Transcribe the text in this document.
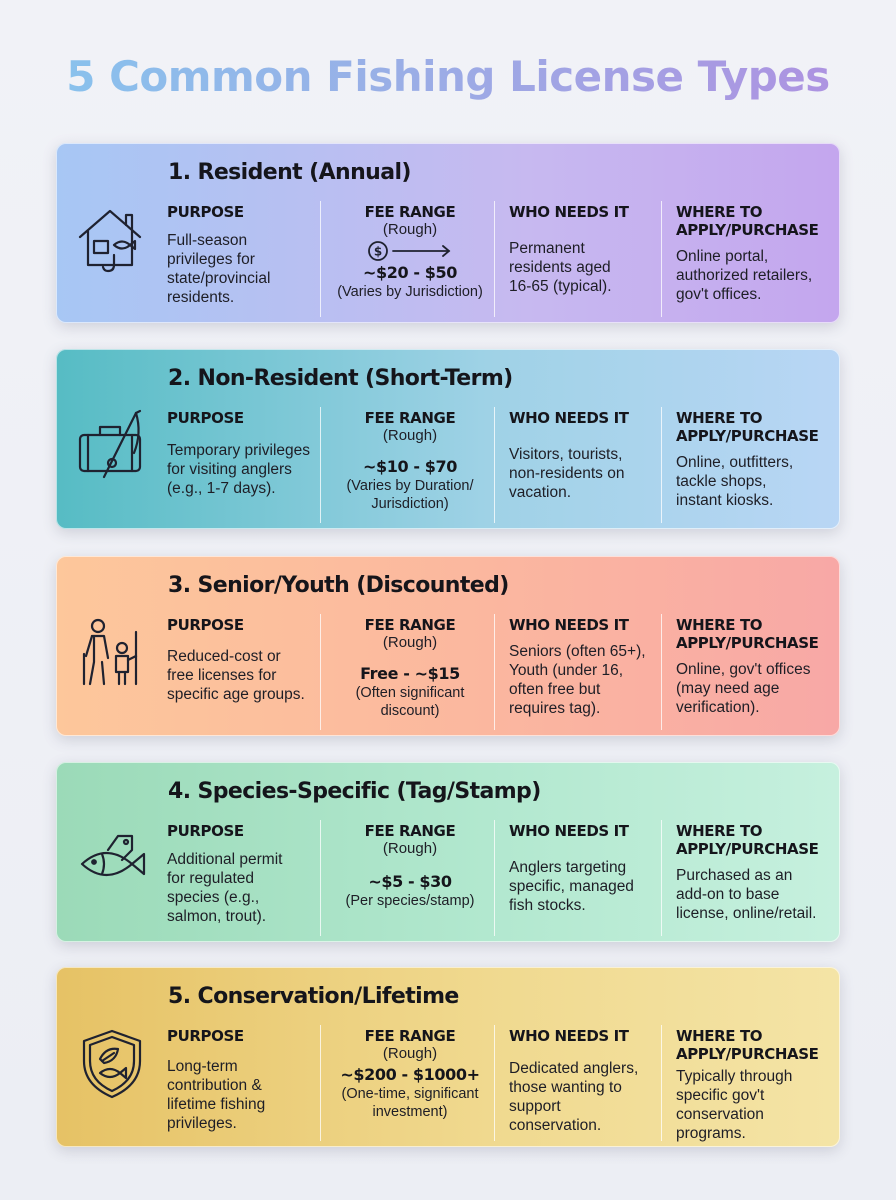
5 Common Fishing License Types
1. Resident (Annual)
PURPOSE
Full-season
privileges for
state/provincial
residents.
FEE RANGE
(Rough)
$
~$20 - $50
(Varies by Jurisdiction)
WHO NEEDS IT
Permanent
residents aged
16-65 (typical).
WHERE TO
APPLY/PURCHASE
Online portal,
authorized retailers,
gov't offices.
2. Non-Resident (Short-Term)
PURPOSE
Temporary privileges
for visiting anglers
(e.g., 1-7 days).
FEE RANGE
(Rough)
~$10 - $70
(Varies by Duration/
Jurisdiction)
WHO NEEDS IT
Visitors, tourists,
non-residents on
vacation.
WHERE TO
APPLY/PURCHASE
Online, outfitters,
tackle shops,
instant kiosks.
3. Senior/Youth (Discounted)
PURPOSE
Reduced-cost or
free licenses for
specific age groups.
FEE RANGE
(Rough)
Free - ~$15
(Often significant
discount)
WHO NEEDS IT
Seniors (often 65+),
Youth (under 16,
often free but
requires tag).
WHERE TO
APPLY/PURCHASE
Online, gov't offices
(may need age
verification).
4. Species-Specific (Tag/Stamp)
PURPOSE
Additional permit
for regulated
species (e.g.,
salmon, trout).
FEE RANGE
(Rough)
~$5 - $30
(Per species/stamp)
WHO NEEDS IT
Anglers targeting
specific, managed
fish stocks.
WHERE TO
APPLY/PURCHASE
Purchased as an
add-on to base
license, online/retail.
5. Conservation/Lifetime
PURPOSE
Long-term
contribution &
lifetime fishing
privileges.
FEE RANGE
(Rough)
~$200 - $1000+
(One-time, significant
investment)
WHO NEEDS IT
Dedicated anglers,
those wanting to
support
conservation.
WHERE TO
APPLY/PURCHASE
Typically through
specific gov't
conservation
programs.
